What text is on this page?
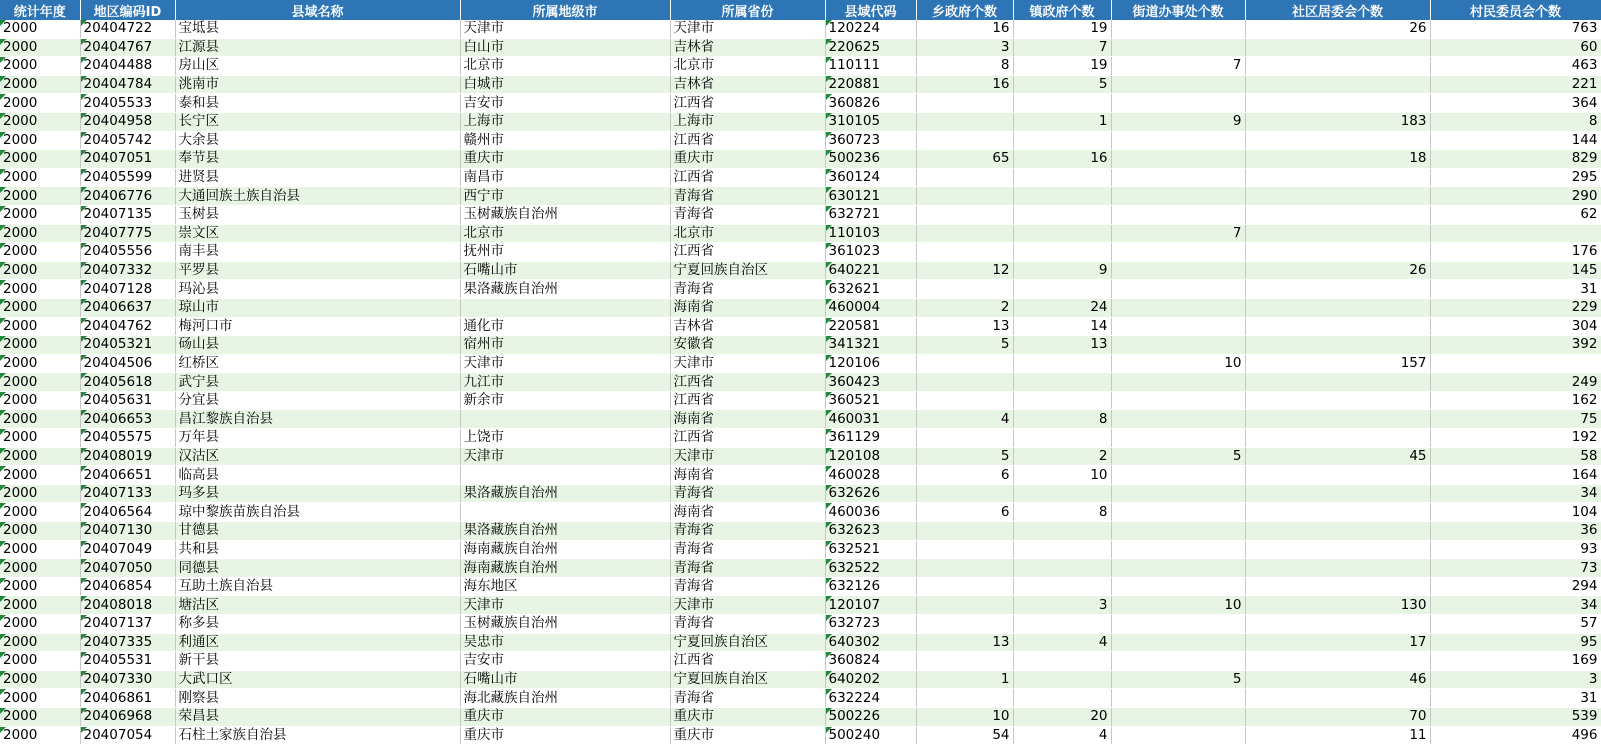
统计年度	地区编码ID	县域名称	所属地级市	所属省份	县域代码	乡政府个数	镇政府个数	街道办事处个数	社区居委会个数	村民委员会个数
2000	20404722	宝坻县	天津市	天津市	120224	16	19		26	763
2000	20404767	江源县	白山市	吉林省	220625	3	7			60
2000	20404488	房山区	北京市	北京市	110111	8	19	7		463
2000	20404784	洮南市	白城市	吉林省	220881	16	5			221
2000	20405533	泰和县	吉安市	江西省	360826					364
2000	20404958	长宁区	上海市	上海市	310105		1	9	183	8
2000	20405742	大余县	赣州市	江西省	360723					144
2000	20407051	奉节县	重庆市	重庆市	500236	65	16		18	829
2000	20405599	进贤县	南昌市	江西省	360124					295
2000	20406776	大通回族土族自治县	西宁市	青海省	630121					290
2000	20407135	玉树县	玉树藏族自治州	青海省	632721					62
2000	20407775	崇文区	北京市	北京市	110103			7		
2000	20405556	南丰县	抚州市	江西省	361023					176
2000	20407332	平罗县	石嘴山市	宁夏回族自治区	640221	12	9		26	145
2000	20407128	玛沁县	果洛藏族自治州	青海省	632621					31
2000	20406637	琼山市		海南省	460004	2	24			229
2000	20404762	梅河口市	通化市	吉林省	220581	13	14			304
2000	20405321	砀山县	宿州市	安徽省	341321	5	13			392
2000	20404506	红桥区	天津市	天津市	120106			10	157	
2000	20405618	武宁县	九江市	江西省	360423					249
2000	20405631	分宜县	新余市	江西省	360521					162
2000	20406653	昌江黎族自治县		海南省	460031	4	8			75
2000	20405575	万年县	上饶市	江西省	361129					192
2000	20408019	汉沽区	天津市	天津市	120108	5	2	5	45	58
2000	20406651	临高县		海南省	460028	6	10			164
2000	20407133	玛多县	果洛藏族自治州	青海省	632626					34
2000	20406564	琼中黎族苗族自治县		海南省	460036	6	8			104
2000	20407130	甘德县	果洛藏族自治州	青海省	632623					36
2000	20407049	共和县	海南藏族自治州	青海省	632521					93
2000	20407050	同德县	海南藏族自治州	青海省	632522					73
2000	20406854	互助土族自治县	海东地区	青海省	632126					294
2000	20408018	塘沽区	天津市	天津市	120107		3	10	130	34
2000	20407137	称多县	玉树藏族自治州	青海省	632723					57
2000	20407335	利通区	吴忠市	宁夏回族自治区	640302	13	4		17	95
2000	20405531	新干县	吉安市	江西省	360824					169
2000	20407330	大武口区	石嘴山市	宁夏回族自治区	640202	1		5	46	3
2000	20406861	刚察县	海北藏族自治州	青海省	632224					31
2000	20406968	荣昌县	重庆市	重庆市	500226	10	20		70	539
2000	20407054	石柱土家族自治县	重庆市	重庆市	500240	54	4		11	496
